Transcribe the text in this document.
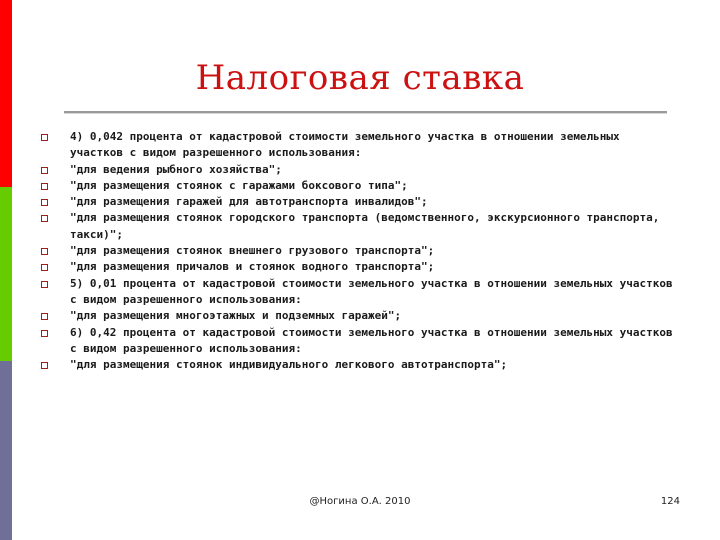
Налоговая ставка
4) 0,042 процента от кадастровой стоимости земельного участка в отношении земельных участков с видом разрешенного использования:
"для ведения рыбного хозяйства";
"для размещения стоянок с гаражами боксового типа";
"для размещения гаражей для автотранспорта инвалидов";
"для размещения стоянок городского транспорта (ведомственного, экскурсионного транспорта, такси)";
"для размещения стоянок внешнего грузового транспорта";
"для размещения причалов и стоянок водного транспорта";
5) 0,01 процента от кадастровой стоимости земельного участка в отношении земельных участков с видом разрешенного использования:
"для размещения многоэтажных и подземных гаражей";
6) 0,42 процента от кадастровой стоимости земельного участка в отношении земельных участков с видом разрешенного использования:
"для размещения стоянок индивидуального легкового автотранспорта";
@Ногина О.А. 2010	124
